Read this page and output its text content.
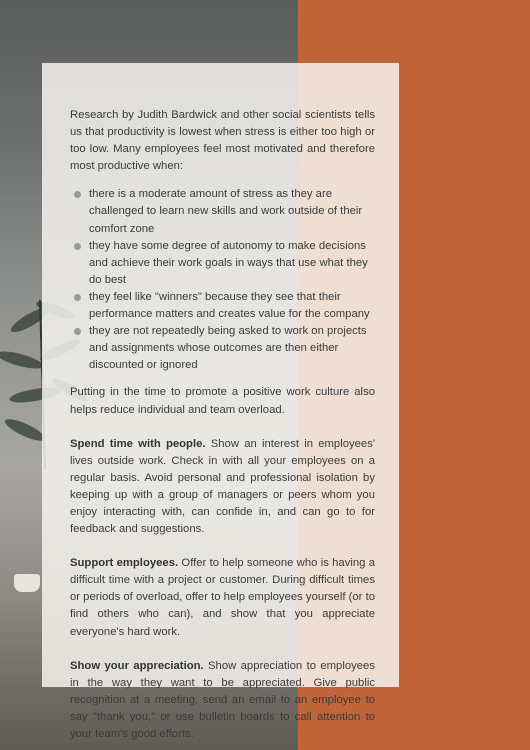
Research by Judith Bardwick and other social scientists tells us that productivity is lowest when stress is either too high or too low. Many employees feel most motivated and therefore most productive when:

there is a moderate amount of stress as they are challenged to learn new skills and work outside of their comfort zone
they have some degree of autonomy to make decisions and achieve their work goals in ways that use what they do best
they feel like "winners" because they see that their performance matters and creates value for the company
they are not repeatedly being asked to work on projects and assignments whose outcomes are then either discounted or ignored

Putting in the time to promote a positive work culture also helps reduce individual and team overload.

Spend time with people. Show an interest in employees' lives outside work. Check in with all your employees on a regular basis. Avoid personal and professional isolation by keeping up with a group of managers or peers whom you enjoy interacting with, can confide in, and can go to for feedback and suggestions.

Support employees. Offer to help someone who is having a difficult time with a project or customer. During difficult times or periods of overload, offer to help employees yourself (or to find others who can), and show that you appreciate everyone's hard work.

Show your appreciation. Show appreciation to employees in the way they want to be appreciated. Give public recognition at a meeting, send an email to an employee to say "thank you," or use bulletin boards to call attention to your team's good efforts.
